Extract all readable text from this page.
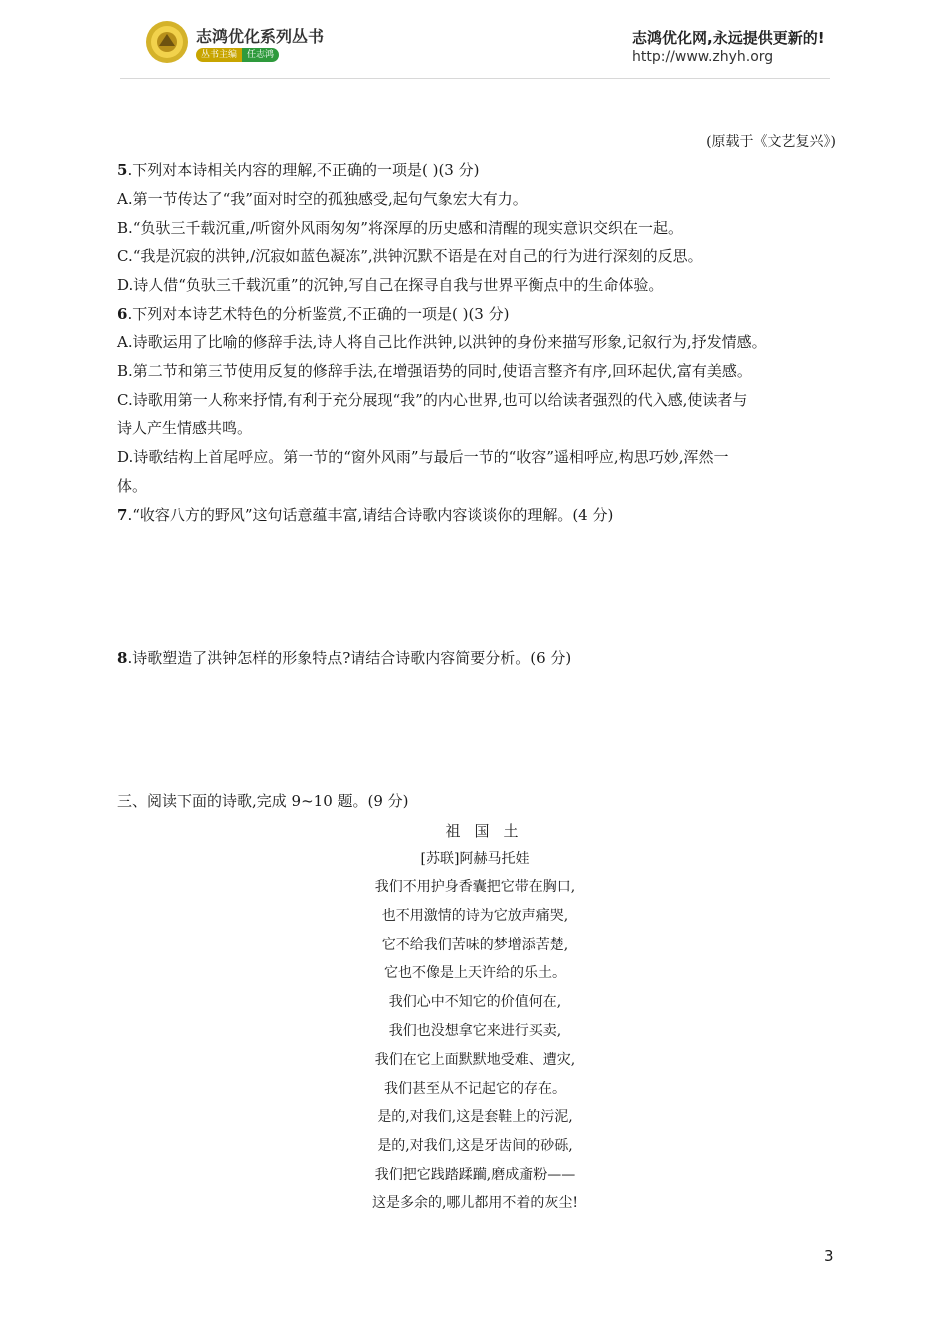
志鸿优化系列丛书
丛书主编	任志鸿
志鸿优化网,永远提供更新的!
http://www.zhyh.org
(原载于《文艺复兴》)
5.下列对本诗相关内容的理解,不正确的一项是( )(3 分)
A.第一节传达了“我”面对时空的孤独感受,起句气象宏大有力。
B.“负驮三千载沉重,/听窗外风雨匆匆”将深厚的历史感和清醒的现实意识交织在一起。
C.“我是沉寂的洪钟,/沉寂如蓝色凝冻”,洪钟沉默不语是在对自己的行为进行深刻的反思。
D.诗人借“负驮三千载沉重”的沉钟,写自己在探寻自我与世界平衡点中的生命体验。
6.下列对本诗艺术特色的分析鉴赏,不正确的一项是( )(3 分)
A.诗歌运用了比喻的修辞手法,诗人将自己比作洪钟,以洪钟的身份来描写形象,记叙行为,抒发情感。
B.第二节和第三节使用反复的修辞手法,在增强语势的同时,使语言整齐有序,回环起伏,富有美感。
C.诗歌用第一人称来抒情,有利于充分展现“我”的内心世界,也可以给读者强烈的代入感,使读者与
诗人产生情感共鸣。
D.诗歌结构上首尾呼应。第一节的“窗外风雨”与最后一节的“收容”遥相呼应,构思巧妙,浑然一
体。
7.“收容八方的野风”这句话意蕴丰富,请结合诗歌内容谈谈你的理解。(4 分)
8.诗歌塑造了洪钟怎样的形象特点?请结合诗歌内容简要分析。(6 分)
三、阅读下面的诗歌,完成 9~10 题。(9 分)
祖国土
[苏联]阿赫马托娃
我们不用护身香囊把它带在胸口,
也不用激情的诗为它放声痛哭,
它不给我们苦味的梦增添苦楚,
它也不像是上天许给的乐土。
我们心中不知它的价值何在,
我们也没想拿它来进行买卖,
我们在它上面默默地受难、遭灾,
我们甚至从不记起它的存在。
是的,对我们,这是套鞋上的污泥,
是的,对我们,这是牙齿间的砂砾,
我们把它践踏蹂躏,磨成齑粉——
这是多余的,哪儿都用不着的灰尘!
3
